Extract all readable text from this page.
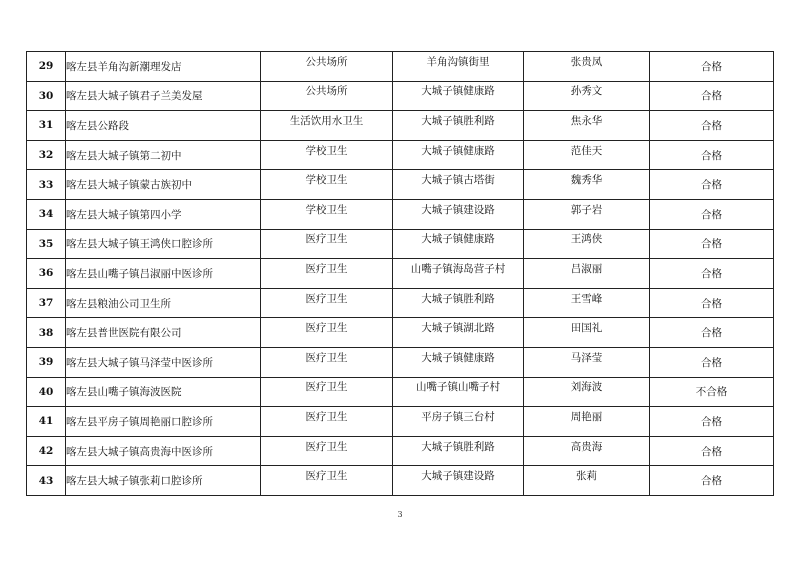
29	喀左县羊角沟新潮理发店	公共场所	羊角沟镇街里	张贵凤	合格
30	喀左县大城子镇君子兰美发屋	公共场所	大城子镇健康路	孙秀文	合格
31	喀左县公路段	生活饮用水卫生	大城子镇胜利路	焦永华	合格
32	喀左县大城子镇第二初中	学校卫生	大城子镇健康路	范佳天	合格
33	喀左县大城子镇蒙古族初中	学校卫生	大城子镇古塔街	魏秀华	合格
34	喀左县大城子镇第四小学	学校卫生	大城子镇建设路	郭子岩	合格
35	喀左县大城子镇王鸿侠口腔诊所	医疗卫生	大城子镇健康路	王鸿侠	合格
36	喀左县山嘴子镇吕淑丽中医诊所	医疗卫生	山嘴子镇海岛营子村	吕淑丽	合格
37	喀左县粮油公司卫生所	医疗卫生	大城子镇胜利路	王雪峰	合格
38	喀左县普世医院有限公司	医疗卫生	大城子镇湖北路	田国礼	合格
39	喀左县大城子镇马泽莹中医诊所	医疗卫生	大城子镇健康路	马泽莹	合格
40	喀左县山嘴子镇海波医院	医疗卫生	山嘴子镇山嘴子村	刘海波	不合格
41	喀左县平房子镇周艳丽口腔诊所	医疗卫生	平房子镇三台村	周艳丽	合格
42	喀左县大城子镇高贵海中医诊所	医疗卫生	大城子镇胜利路	高贵海	合格
43	喀左县大城子镇张莉口腔诊所	医疗卫生	大城子镇建设路	张莉	合格
3
